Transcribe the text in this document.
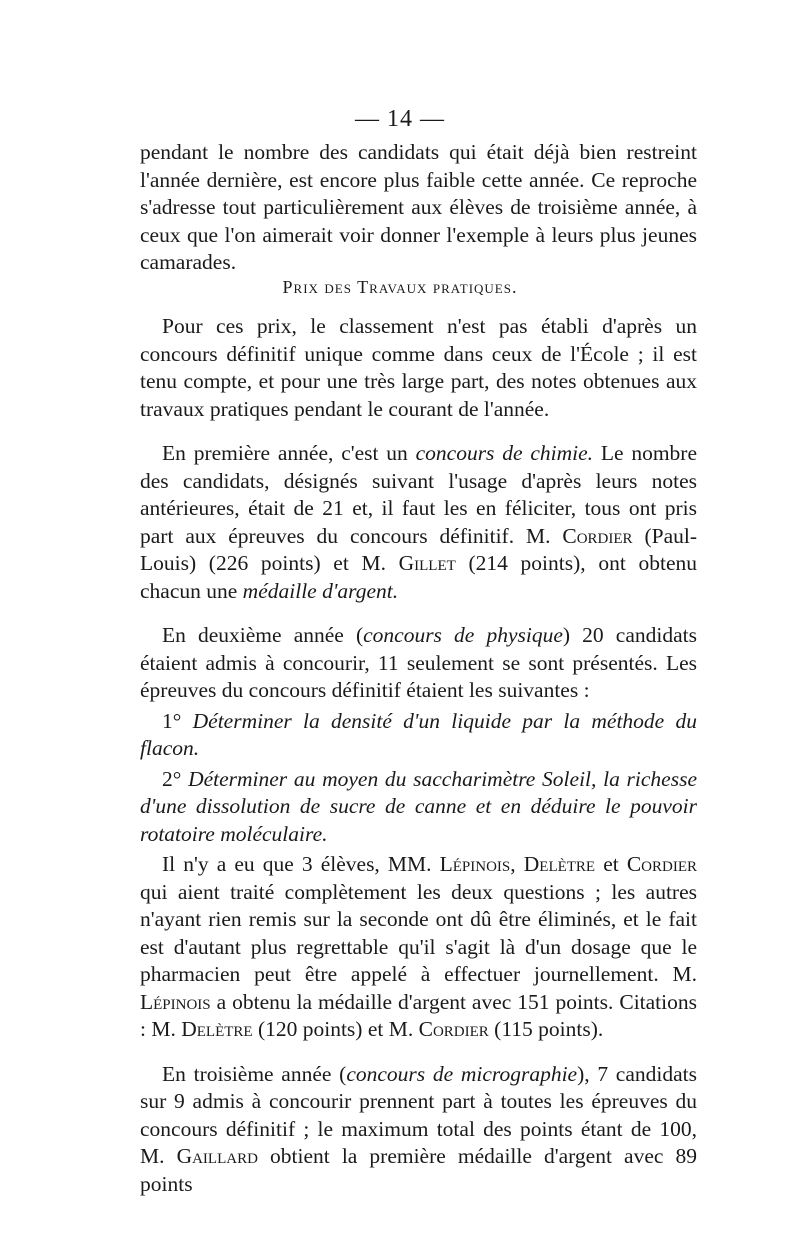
— 14 —

pendant le nombre des candidats qui était déjà bien restreint l'année dernière, est encore plus faible cette année. Ce reproche s'adresse tout particulièrement aux élèves de troisième année, à ceux que l'on aimerait voir donner l'exemple à leurs plus jeunes camarades.

Prix des Travaux pratiques.

Pour ces prix, le classement n'est pas établi d'après un concours définitif unique comme dans ceux de l'École ; il est tenu compte, et pour une très large part, des notes obtenues aux travaux pratiques pendant le courant de l'année.

En première année, c'est un concours de chimie. Le nombre des candidats, désignés suivant l'usage d'après leurs notes antérieures, était de 21 et, il faut les en féliciter, tous ont pris part aux épreuves du concours définitif. M. Cordier (Paul-Louis) (226 points) et M. Gillet (214 points), ont obtenu chacun une médaille d'argent.

En deuxième année (concours de physique) 20 candidats étaient admis à concourir, 11 seulement se sont présentés. Les épreuves du concours définitif étaient les suivantes :

1° Déterminer la densité d'un liquide par la méthode du flacon.

2° Déterminer au moyen du saccharimètre Soleil, la richesse d'une dissolution de sucre de canne et en déduire le pouvoir rotatoire moléculaire.

Il n'y a eu que 3 élèves, MM. Lépinois, Delètre et Cordier qui aient traité complètement les deux questions ; les autres n'ayant rien remis sur la seconde ont dû être éliminés, et le fait est d'autant plus regrettable qu'il s'agit là d'un dosage que le pharmacien peut être appelé à effectuer journellement. M. Lépinois a obtenu la médaille d'argent avec 151 points. Citations : M. Delètre (120 points) et M. Cordier (115 points).

En troisième année (concours de micrographie), 7 candidats sur 9 admis à concourir prennent part à toutes les épreuves du concours définitif ; le maximum total des points étant de 100, M. Gaillard obtient la première médaille d'argent avec 89 points
